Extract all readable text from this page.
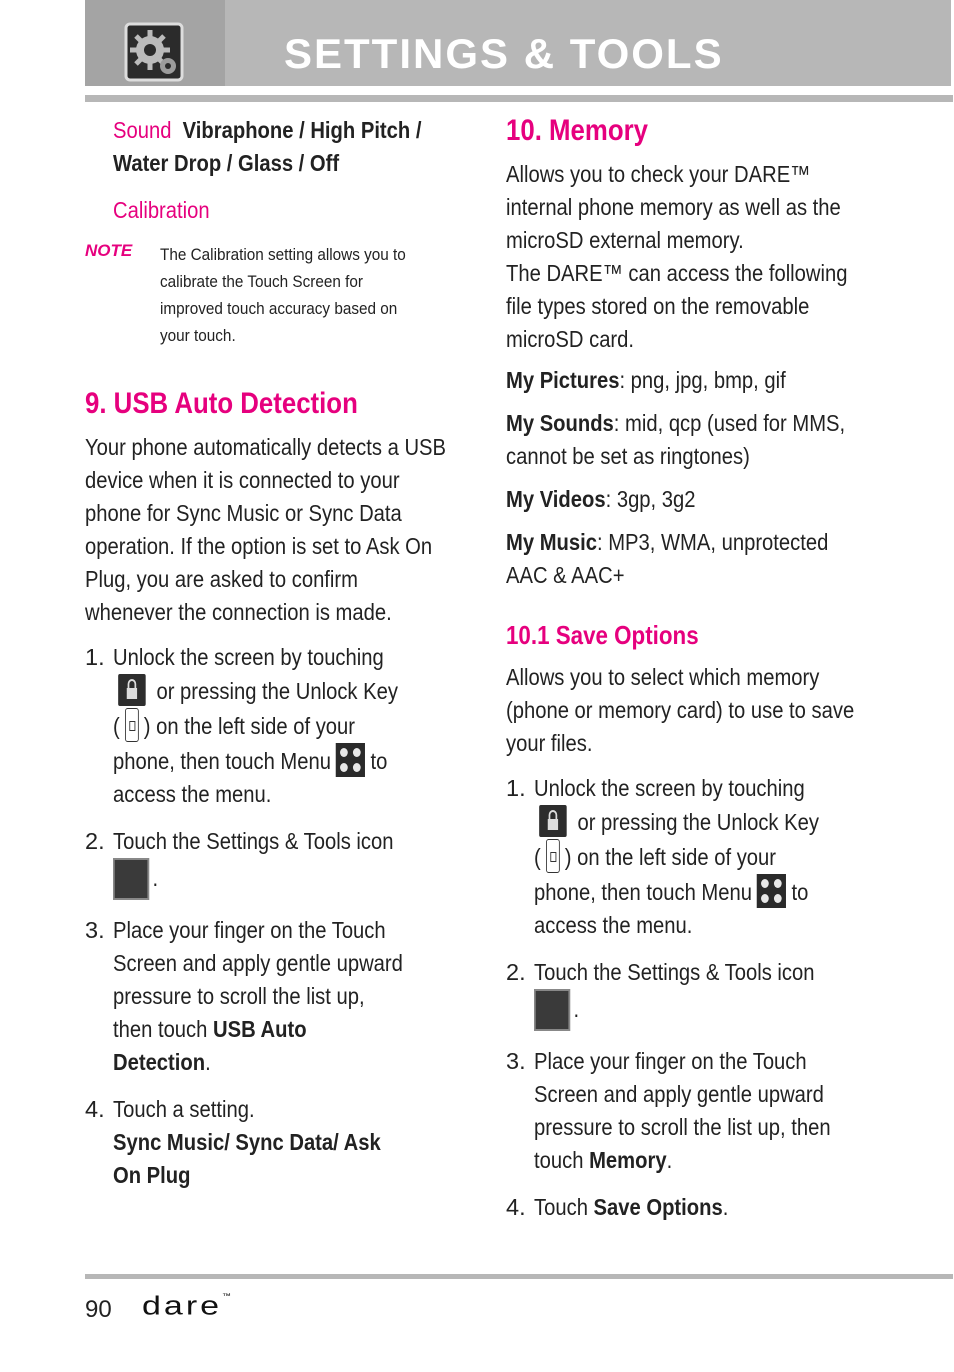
SETTINGS & TOOLS
Sound Vibraphone / High Pitch /
Water Drop / Glass / Off
Calibration
NOTE	The Calibration setting allows you to calibrate the Touch Screen for improved touch accuracy based on your touch.
9. USB Auto Detection
Your phone automatically detects a USB device when it is connected to your phone for Sync Music or Sync Data operation. If the option is set to Ask On Plug, you are asked to confirm whenever the connection is made.
1. Unlock the screen by touching
or pressing the Unlock Key
( ) on the left side of your
phone, then touch Menu to
access the menu.
2. Touch the Settings & Tools icon
.
3. Place your finger on the Touch Screen and apply gentle upward pressure to scroll the list up, then touch USB Auto Detection.
4. Touch a setting.
Sync Music/ Sync Data/ Ask On Plug
10. Memory
Allows you to check your DARE™ internal phone memory as well as the microSD external memory.
The DARE™ can access the following file types stored on the removable microSD card.
My Pictures: png, jpg, bmp, gif
My Sounds: mid, qcp (used for MMS, cannot be set as ringtones)
My Videos: 3gp, 3g2
My Music: MP3, WMA, unprotected AAC & AAC+
10.1 Save Options
Allows you to select which memory (phone or memory card) to use to save your files.
1. Unlock the screen by touching
or pressing the Unlock Key
( ) on the left side of your
phone, then touch Menu to
access the menu.
2. Touch the Settings & Tools icon
.
3. Place your finger on the Touch Screen and apply gentle upward pressure to scroll the list up, then touch Memory.
4. Touch Save Options.
90 dare™
